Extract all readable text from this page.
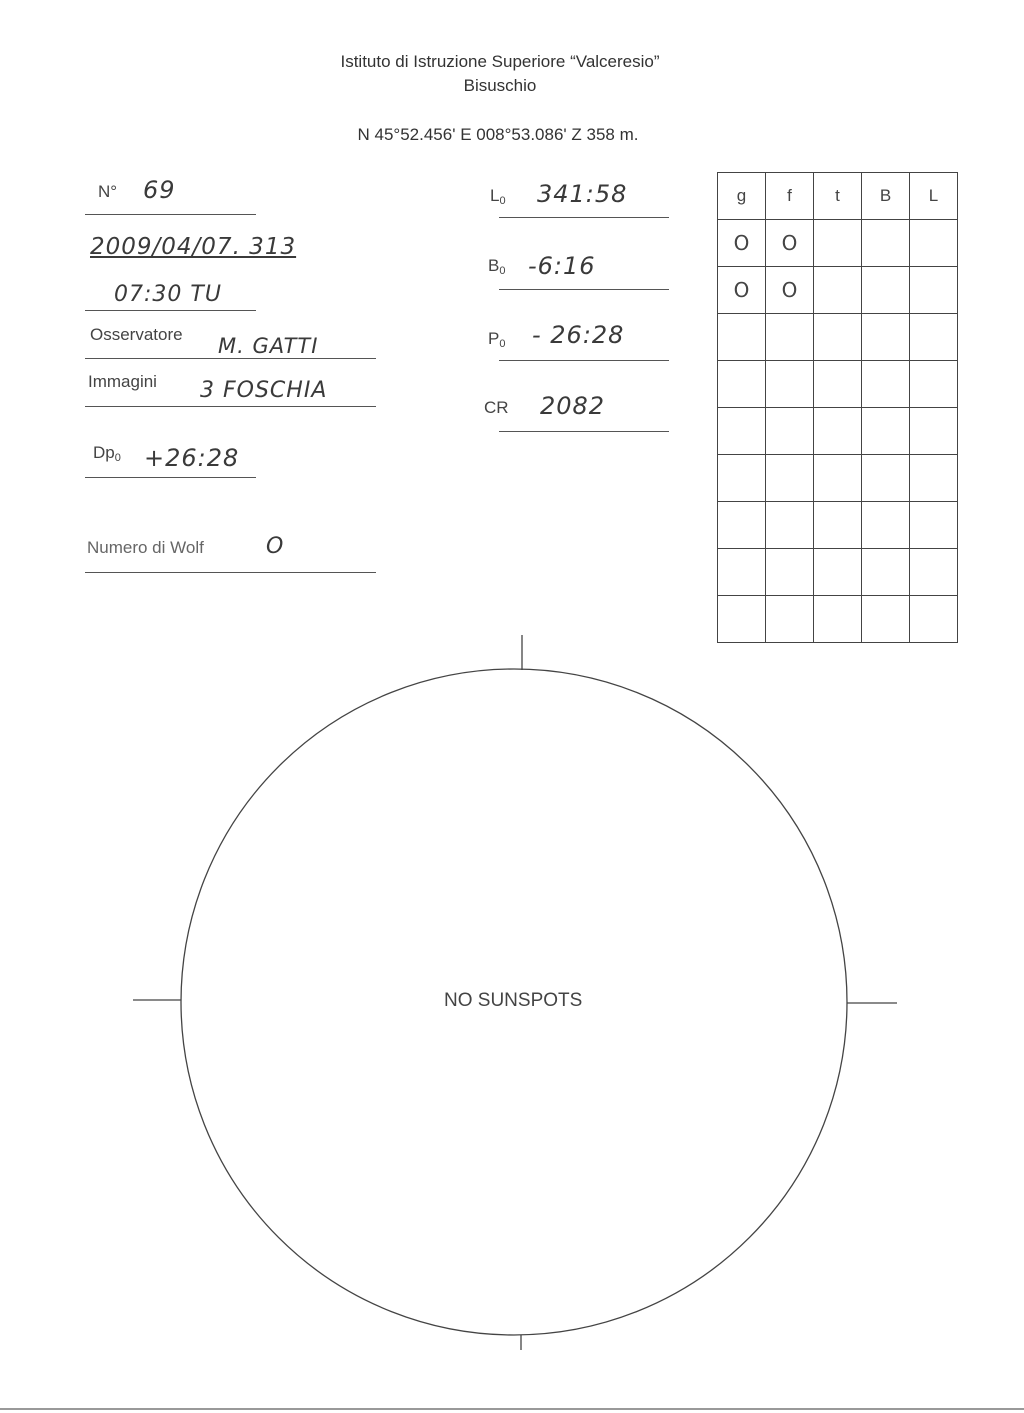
Istituto di Istruzione Superiore “Valceresio”
Bisuschio
N 45°52.456' E 008°53.086' Z 358 m.
N° 69
2009/04/07. 313
07:30 TU
Osservatore M. GATTI
Immagini 3 FOSCHIA
$Dp_0$ +26:28
Numero di Wolf	O
$L_0$ 341:58
$B_0$ -6:16
$P_0$ - 26:28
CR 2082
g	f	t	B	L
O	O			
O	O			

NO SUNSPOTS
